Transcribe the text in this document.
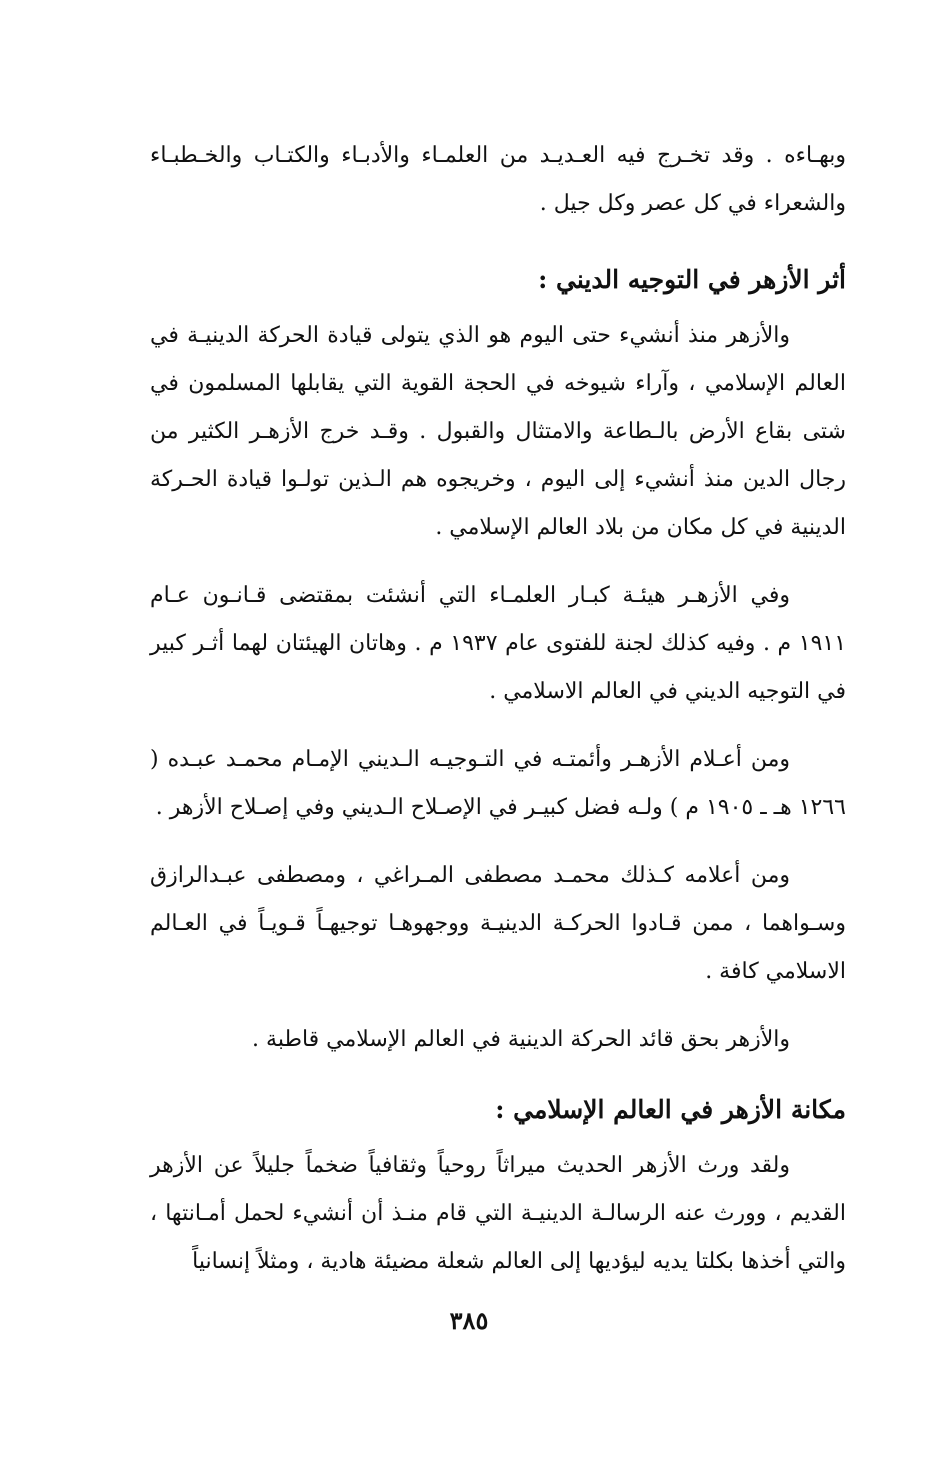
وبهـاءه . وقد تخـرج فيه العـديـد من العلمـاء والأدبـاء والكتـاب والخـطبـاء والشعراء في كل عصر وكل جيل .

أثر الأزهر في التوجيه الديني :

والأزهر منذ أنشيء حتى اليوم هو الذي يتولى قيادة الحركة الدينيـة في العالم الإسلامي ، وآراء شيوخه في الحجة القوية التي يقابلها المسلمون في شتى بقاع الأرض بالـطاعة والامتثال والقبول . وقـد خرج الأزهـر الكثير من رجال الدين منذ أنشيء إلى اليوم ، وخريجوه هم الـذين تولـوا قيادة الحـركة الدينية في كل مكان من بلاد العالم الإسلامي .

وفي الأزهـر هيئـة كبـار العلمـاء التي أنشئت بمقتضى قـانـون عـام ١٩١١ م . وفيه كذلك لجنة للفتوى عام ١٩٣٧ م . وهاتان الهيئتان لهما أثـر كبير في التوجيه الديني في العالم الاسلامي .

ومن أعـلام الأزهـر وأئمتـه في التـوجيـه الـديني الإمـام محمـد عبـده ( ١٢٦٦ هـ ـ ١٩٠٥ م ) ولـه فضل كبيـر في الإصـلاح الـديني وفي إصـلاح الأزهر .

ومن أعلامه كـذلك محمـد مصطفى المـراغي ، ومصطفى عبـدالرازق وسـواهما ، ممن قـادوا الحركـة الدينيـة ووجهوهـا توجيهـاً قـويـاً في العـالم الاسلامي كافة .

والأزهر بحق قائد الحركة الدينية في العالم الإسلامي قاطبة .

مكانة الأزهر في العالم الإسلامي :

ولقد ورث الأزهر الحديث ميراثاً روحياً وثقافياً ضخماً جليلاً عن الأزهر القديم ، وورث عنه الرسالـة الدينيـة التي قام منـذ أن أنشيء لحمل أمـانتها ، والتي أخذها بكلتا يديه ليؤديها إلى العالم شعلة مضيئة هادية ، ومثلاً إنسانياً

٣٨٥
